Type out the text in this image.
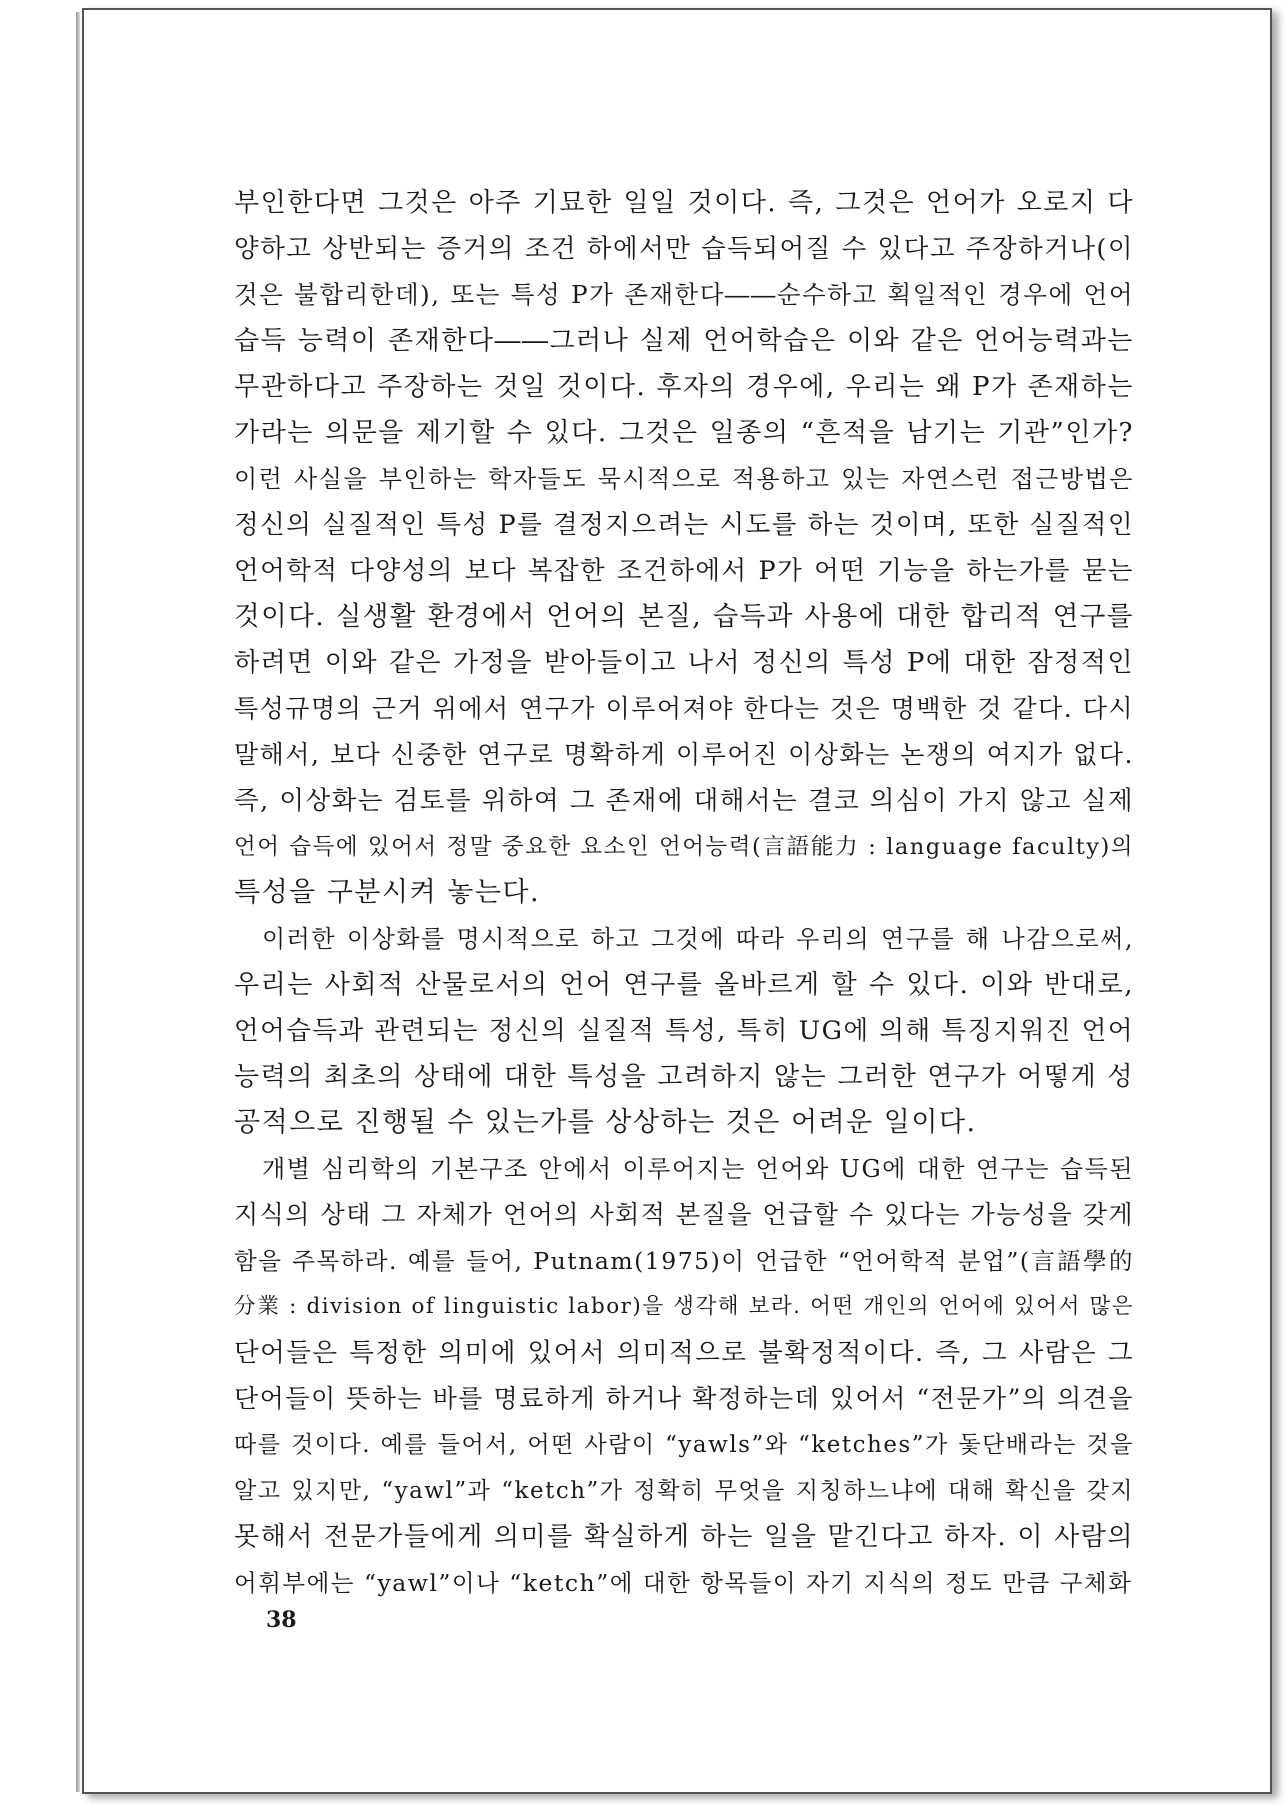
부인한다면 그것은 아주 기묘한 일일 것이다. 즉, 그것은 언어가 오로지 다
양하고 상반되는 증거의 조건 하에서만 습득되어질 수 있다고 주장하거나(이
것은 불합리한데), 또는 특성 P가 존재한다――순수하고 획일적인 경우에 언어
습득 능력이 존재한다――그러나 실제 언어학습은 이와 같은 언어능력과는
무관하다고 주장하는 것일 것이다. 후자의 경우에, 우리는 왜 P가 존재하는
가라는 의문을 제기할 수 있다. 그것은 일종의 “흔적을 남기는 기관”인가?
이런 사실을 부인하는 학자들도 묵시적으로 적용하고 있는 자연스런 접근방법은
정신의 실질적인 특성 P를 결정지으려는 시도를 하는 것이며, 또한 실질적인
언어학적 다양성의 보다 복잡한 조건하에서 P가 어떤 기능을 하는가를 묻는
것이다. 실생활 환경에서 언어의 본질, 습득과 사용에 대한 합리적 연구를
하려면 이와 같은 가정을 받아들이고 나서 정신의 특성 P에 대한 잠정적인
특성규명의 근거 위에서 연구가 이루어져야 한다는 것은 명백한 것 같다. 다시
말해서, 보다 신중한 연구로 명확하게 이루어진 이상화는 논쟁의 여지가 없다.
즉, 이상화는 검토를 위하여 그 존재에 대해서는 결코 의심이 가지 않고 실제
언어 습득에 있어서 정말 중요한 요소인 언어능력(言語能力 : language faculty)의
특성을 구분시켜 놓는다.
이러한 이상화를 명시적으로 하고 그것에 따라 우리의 연구를 해 나감으로써,
우리는 사회적 산물로서의 언어 연구를 올바르게 할 수 있다. 이와 반대로,
언어습득과 관련되는 정신의 실질적 특성, 특히 UG에 의해 특징지워진 언어
능력의 최초의 상태에 대한 특성을 고려하지 않는 그러한 연구가 어떻게 성
공적으로 진행될 수 있는가를 상상하는 것은 어려운 일이다.
개별 심리학의 기본구조 안에서 이루어지는 언어와 UG에 대한 연구는 습득된
지식의 상태 그 자체가 언어의 사회적 본질을 언급할 수 있다는 가능성을 갖게
함을 주목하라. 예를 들어, Putnam(1975)이 언급한 “언어학적 분업”(言語學的
分業 : division of linguistic labor)을 생각해 보라. 어떤 개인의 언어에 있어서 많은
단어들은 특정한 의미에 있어서 의미적으로 불확정적이다. 즉, 그 사람은 그
단어들이 뜻하는 바를 명료하게 하거나 확정하는데 있어서 “전문가”의 의견을
따를 것이다. 예를 들어서, 어떤 사람이 “yawls”와 “ketches”가 돛단배라는 것을
알고 있지만, “yawl”과 “ketch”가 정확히 무엇을 지칭하느냐에 대해 확신을 갖지
못해서 전문가들에게 의미를 확실하게 하는 일을 맡긴다고 하자. 이 사람의
어휘부에는 “yawl”이나 “ketch”에 대한 항목들이 자기 지식의 정도 만큼 구체화
38
